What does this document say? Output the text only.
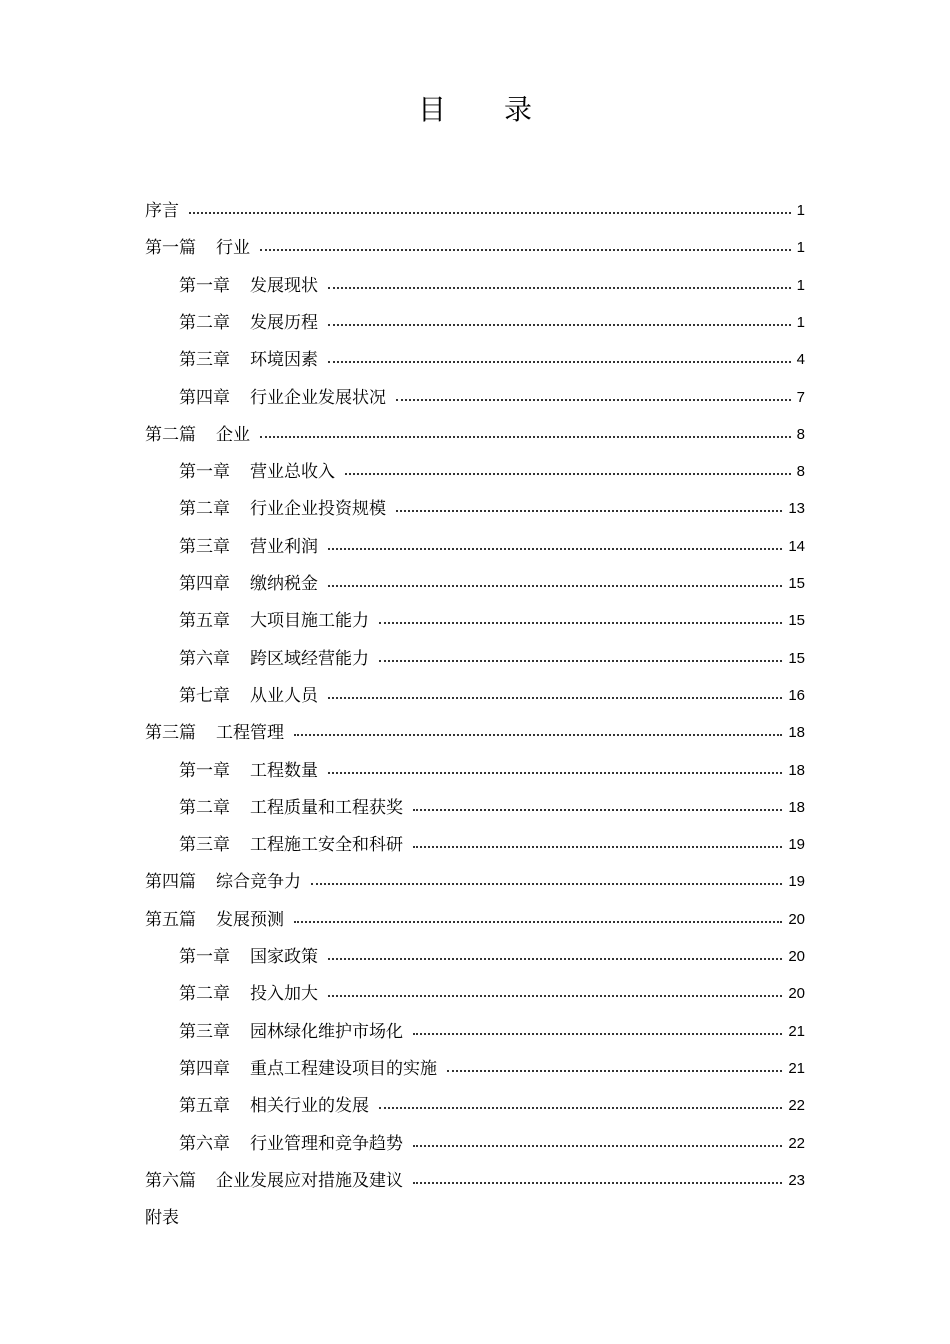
目 录
序言	1
第一篇 行业	1
第一章 发展现状	1
第二章 发展历程	1
第三章 环境因素	4
第四章 行业企业发展状况	7
第二篇 企业	8
第一章 营业总收入	8
第二章 行业企业投资规模	13
第三章 营业利润	14
第四章 缴纳税金	15
第五章 大项目施工能力	15
第六章 跨区域经营能力	15
第七章 从业人员	16
第三篇 工程管理	18
第一章 工程数量	18
第二章 工程质量和工程获奖	18
第三章 工程施工安全和科研	19
第四篇 综合竞争力	19
第五篇 发展预测	20
第一章 国家政策	20
第二章 投入加大	20
第三章 园林绿化维护市场化	21
第四章 重点工程建设项目的实施	21
第五章 相关行业的发展	22
第六章 行业管理和竞争趋势	22
第六篇 企业发展应对措施及建议	23
附表
